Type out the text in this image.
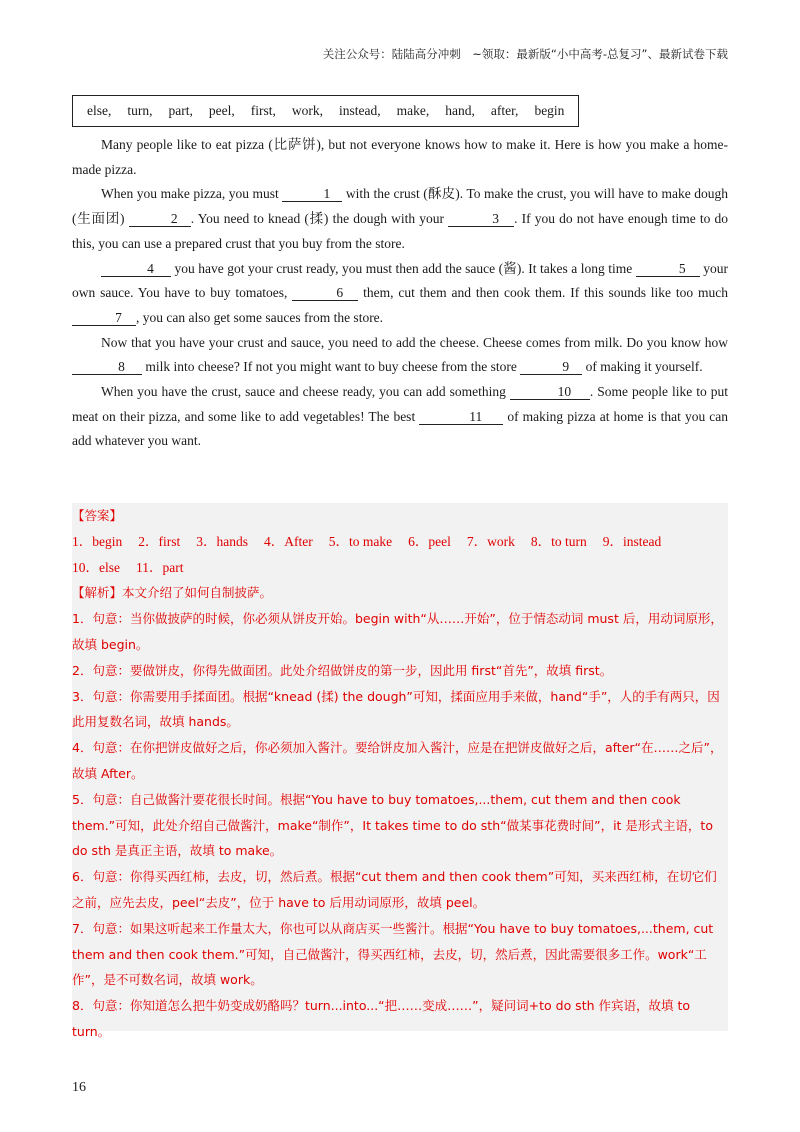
关注公众号：陆陆高分冲刺　~领取：最新版“小中高考-总复习”、最新试卷下载
else, turn, part, peel, first, work, instead, make, hand, after, begin

Many people like to eat pizza (比萨饼), but not everyone knows how to make it. Here is how you make a home-made pizza.

When you make pizza, you must	1 with the crust (酥皮). To make the crust, you will have to make dough (生面团)	2 . You need to knead (揉) the dough with your	3 . If you do not have enough time to do this, you can use a prepared crust that you buy from the store.

4 you have got your crust ready, you must then add the sauce (酱). It takes a long time	5 your own sauce. You have to buy tomatoes,	6 them, cut them and then cook them. If this sounds like too much 7 , you can also get some sauces from the store.

Now that you have your crust and sauce, you need to add the cheese. Cheese comes from milk. Do you know how 8 milk into cheese? If not you might want to buy cheese from the store	9 of making it yourself.

When you have the crust, sauce and cheese ready, you can add something	10 . Some people like to put meat on their pizza, and some like to add vegetables! The best	11 of making pizza at home is that you can add whatever you want.

【答案】
1．begin 2．first 3．hands 4．After 5．to make 6．peel 7．work 8．to turn 9．instead
10．else 11．part
【解析】本文介绍了如何自制披萨。
1．句意：当你做披萨的时候，你必须从饼皮开始。begin with“从……开始”，位于情态动词 must 后，用动词原形，故填 begin。
2．句意：要做饼皮，你得先做面团。此处介绍做饼皮的第一步，因此用 first“首先”，故填 first。
3．句意：你需要用手揉面团。根据“knead (揉) the dough”可知，揉面应用手来做，hand“手”，人的手有两只，因此用复数名词，故填 hands。
4．句意：在你把饼皮做好之后，你必须加入酱汁。要给饼皮加入酱汁，应是在把饼皮做好之后，after“在……之后”，故填 After。
5．句意：自己做酱汁要花很长时间。根据“You have to buy tomatoes,...them, cut them and then cook them.”可知，此处介绍自己做酱汁，make“制作”，It takes time to do sth“做某事花费时间”，it 是形式主语，to do sth 是真正主语，故填 to make。
6．句意：你得买西红柿，去皮，切，然后煮。根据“cut them and then cook them”可知，买来西红柿，在切它们之前，应先去皮，peel“去皮”，位于 have to 后用动词原形，故填 peel。
7．句意：如果这听起来工作量太大，你也可以从商店买一些酱汁。根据“You have to buy tomatoes,...them, cut them and then cook them.”可知，自己做酱汁，得买西红柿，去皮，切，然后煮，因此需要很多工作。work“工作”，是不可数名词，故填 work。
8．句意：你知道怎么把牛奶变成奶酪吗？turn...into...“把……变成……”，疑问词+to do sth 作宾语，故填 to turn。
16
